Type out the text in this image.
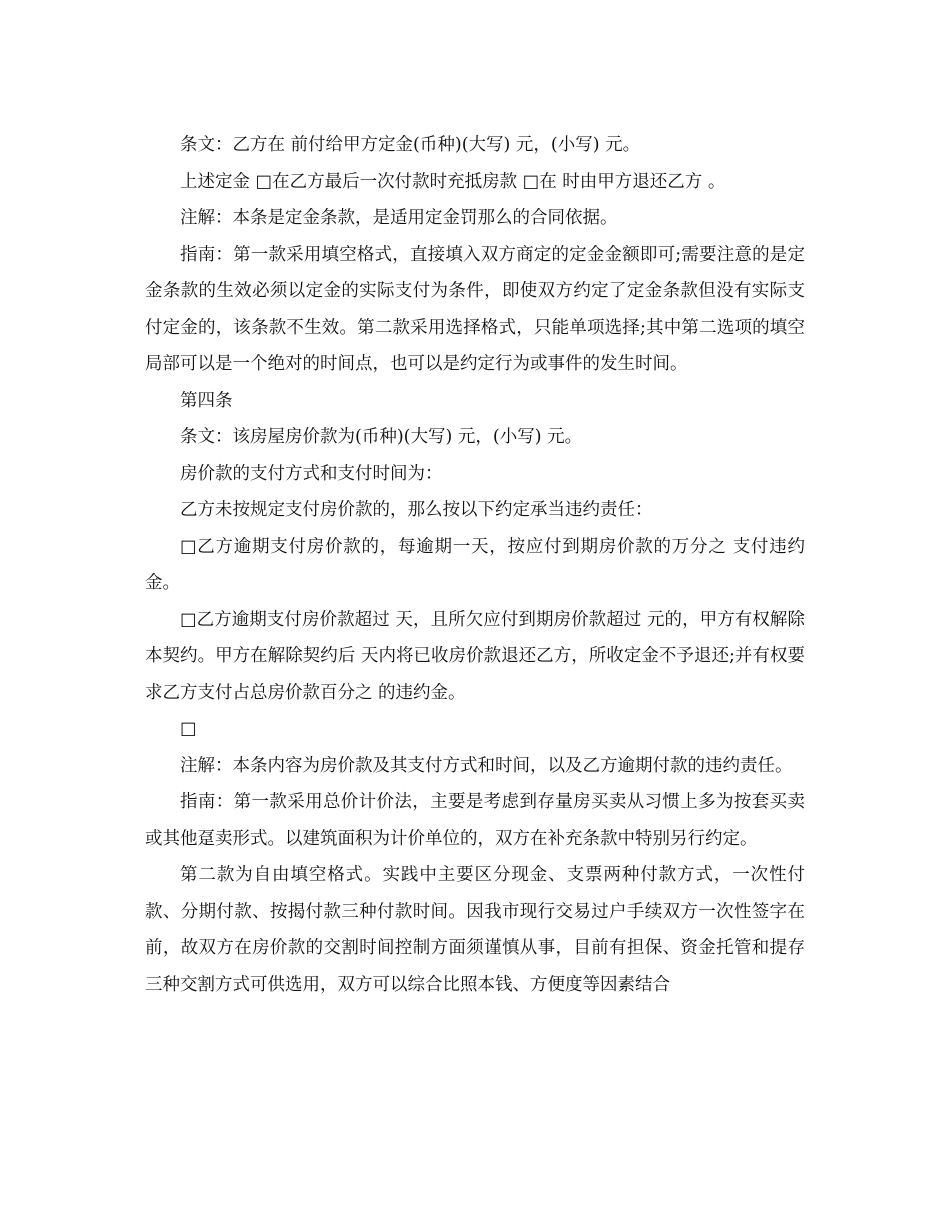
条文：乙方在 前付给甲方定金(币种)(大写) 元，(小写) 元。

上述定金 □在乙方最后一次付款时充抵房款 □在 时由甲方退还乙方 。

注解：本条是定金条款，是适用定金罚那么的合同依据。

指南：第一款采用填空格式，直接填入双方商定的定金金额即可;需要注意的是定金条款的生效必须以定金的实际支付为条件，即使双方约定了定金条款但没有实际支付定金的，该条款不生效。第二款采用选择格式，只能单项选择;其中第二选项的填空局部可以是一个绝对的时间点，也可以是约定行为或事件的发生时间。

第四条

条文：该房屋房价款为(币种)(大写) 元，(小写) 元。

房价款的支付方式和支付时间为：

乙方未按规定支付房价款的，那么按以下约定承当违约责任：

□乙方逾期支付房价款的，每逾期一天，按应付到期房价款的万分之 支付违约金。

□乙方逾期支付房价款超过 天，且所欠应付到期房价款超过 元的，甲方有权解除本契约。甲方在解除契约后 天内将已收房价款退还乙方，所收定金不予退还;并有权要求乙方支付占总房价款百分之 的违约金。

□

注解：本条内容为房价款及其支付方式和时间，以及乙方逾期付款的违约责任。

指南：第一款采用总价计价法，主要是考虑到存量房买卖从习惯上多为按套买卖或其他趸卖形式。以建筑面积为计价单位的，双方在补充条款中特别另行约定。

第二款为自由填空格式。实践中主要区分现金、支票两种付款方式，一次性付款、分期付款、按揭付款三种付款时间。因我市现行交易过户手续双方一次性签字在前，故双方在房价款的交割时间控制方面须谨慎从事，目前有担保、资金托管和提存三种交割方式可供选用，双方可以综合比照本钱、方便度等因素结合
